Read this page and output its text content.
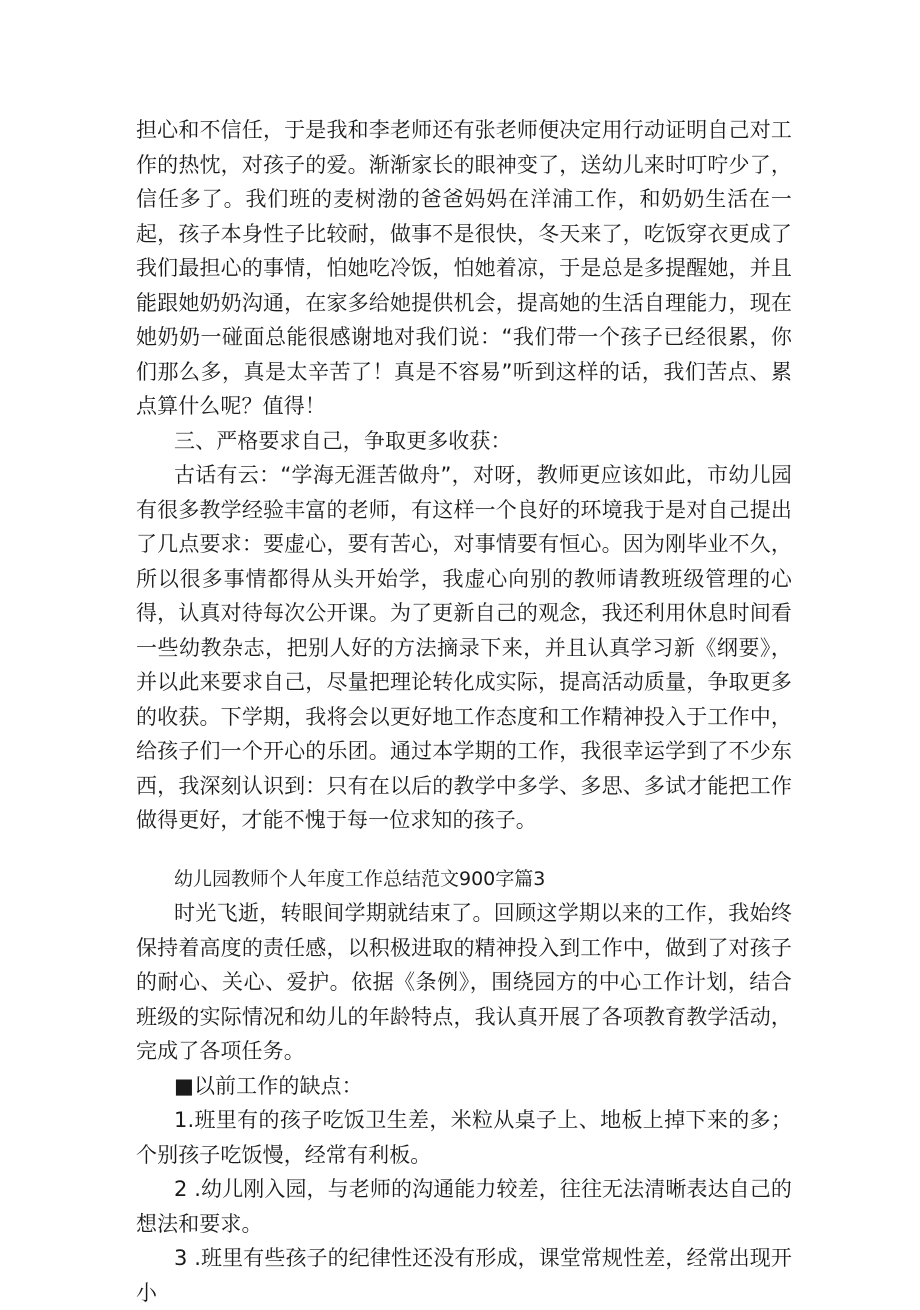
担心和不信任，于是我和李老师还有张老师便决定用行动证明自己对工作的热忱，对孩子的爱。渐渐家长的眼神变了，送幼儿来时叮咛少了，信任多了。我们班的麦树渤的爸爸妈妈在洋浦工作，和奶奶生活在一起，孩子本身性子比较耐，做事不是很快，冬天来了，吃饭穿衣更成了我们最担心的事情，怕她吃冷饭，怕她着凉，于是总是多提醒她，并且能跟她奶奶沟通，在家多给她提供机会，提高她的生活自理能力，现在她奶奶一碰面总能很感谢地对我们说：“我们带一个孩子已经很累，你们那么多，真是太辛苦了！真是不容易”听到这样的话，我们苦点、累点算什么呢？值得！

三、严格要求自己，争取更多收获：

古话有云：“学海无涯苦做舟”，对呀，教师更应该如此，市幼儿园有很多教学经验丰富的老师，有这样一个良好的环境我于是对自己提出了几点要求：要虚心，要有苦心，对事情要有恒心。因为刚毕业不久，所以很多事情都得从头开始学，我虚心向别的教师请教班级管理的心得，认真对待每次公开课。为了更新自己的观念，我还利用休息时间看一些幼教杂志，把别人好的方法摘录下来，并且认真学习新《纲要》，并以此来要求自己，尽量把理论转化成实际，提高活动质量，争取更多的收获。下学期，我将会以更好地工作态度和工作精神投入于工作中，给孩子们一个开心的乐团。通过本学期的工作，我很幸运学到了不少东西，我深刻认识到：只有在以后的教学中多学、多思、多试才能把工作做得更好，才能不愧于每一位求知的孩子。

幼儿园教师个人年度工作总结范文900字篇3

时光飞逝，转眼间学期就结束了。回顾这学期以来的工作，我始终保持着高度的责任感，以积极进取的精神投入到工作中，做到了对孩子的耐心、关心、爱护。依据《条例》，围绕园方的中心工作计划，结合班级的实际情况和幼儿的年龄特点，我认真开展了各项教育教学活动，完成了各项任务。

■以前工作的缺点：

1.班里有的孩子吃饭卫生差，米粒从桌子上、地板上掉下来的多；个别孩子吃饭慢，经常有利板。

2 .幼儿刚入园，与老师的沟通能力较差，往往无法清晰表达自己的想法和要求。

3 .班里有些孩子的纪律性还没有形成，课堂常规性差，经常出现开小
